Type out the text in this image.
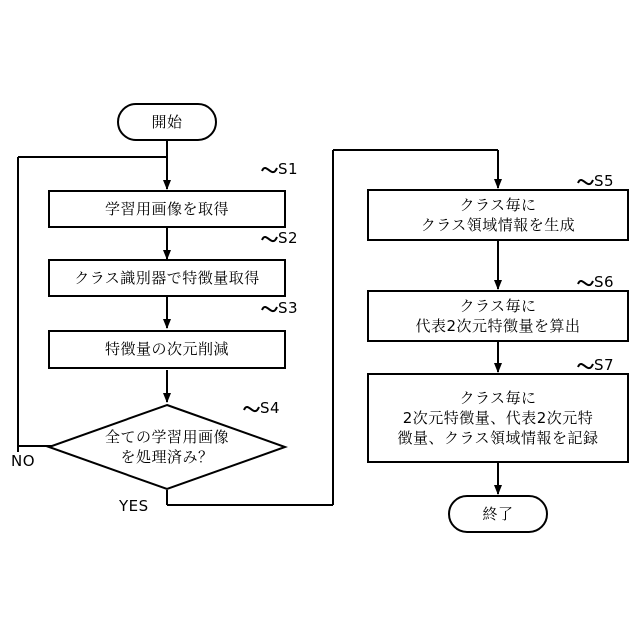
開始
学習用画像を取得
クラス識別器で特徴量取得
特徴量の次元削減
全ての学習用画像
を処理済み？
クラス毎に
クラス領域情報を生成
クラス毎に
代表2次元特徴量を算出
クラス毎に
2次元特徴量、代表2次元特
徴量、クラス領域情報を記録
終了
S1
S2
S3
S4
S5
S6
S7
NO
YES
